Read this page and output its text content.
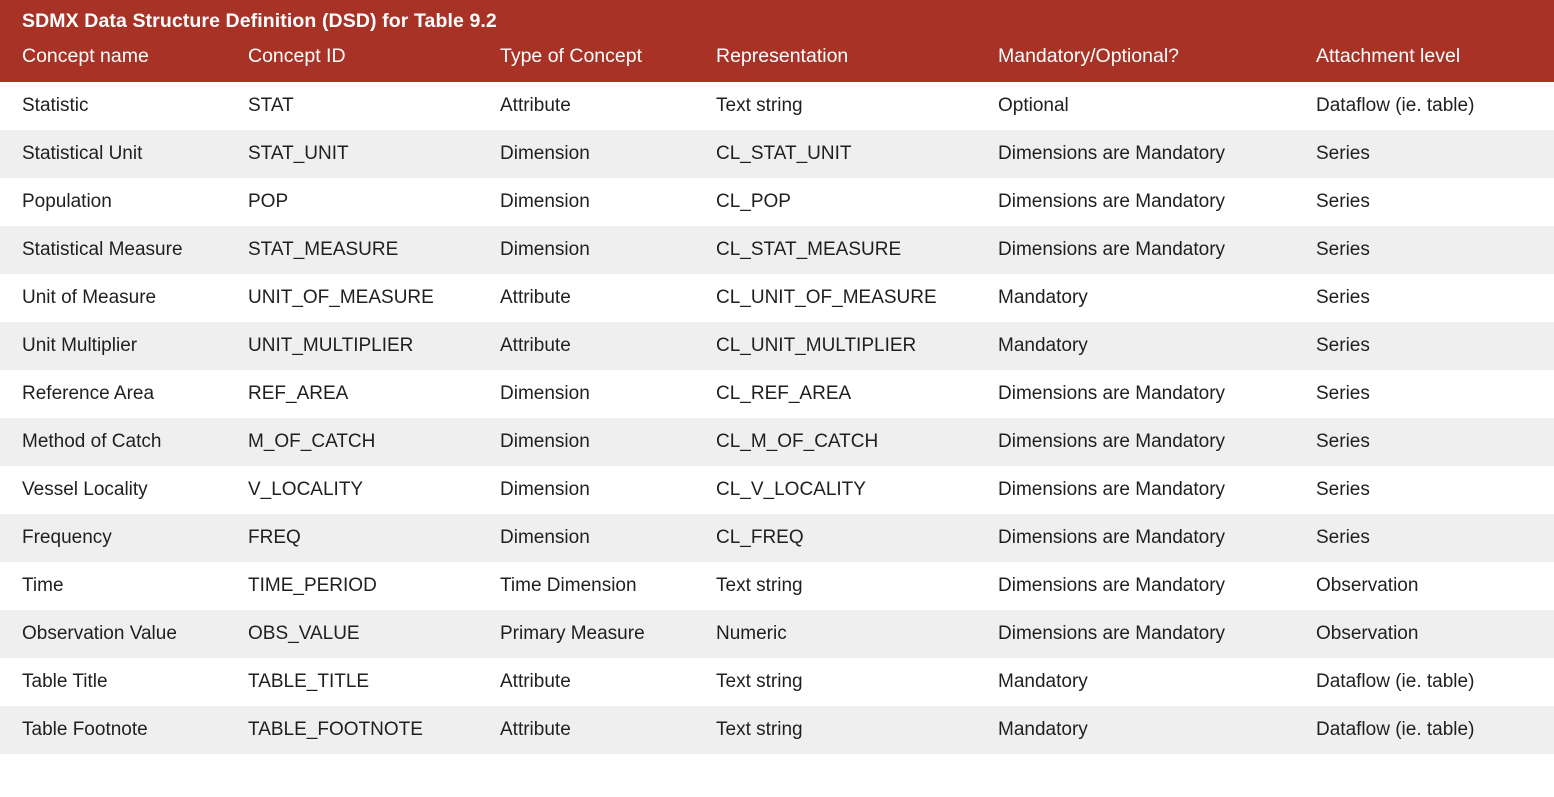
SDMX Data Structure Definition (DSD) for Table 9.2					
Concept name	Concept ID	Type of Concept	Representation	Mandatory/Optional?	Attachment level
Statistic	STAT	Attribute	Text string	Optional	Dataflow (ie. table)
Statistical Unit	STAT_UNIT	Dimension	CL_STAT_UNIT	Dimensions are Mandatory	Series
Population	POP	Dimension	CL_POP	Dimensions are Mandatory	Series
Statistical Measure	STAT_MEASURE	Dimension	CL_STAT_MEASURE	Dimensions are Mandatory	Series
Unit of Measure	UNIT_OF_MEASURE	Attribute	CL_UNIT_OF_MEASURE	Mandatory	Series
Unit Multiplier	UNIT_MULTIPLIER	Attribute	CL_UNIT_MULTIPLIER	Mandatory	Series
Reference Area	REF_AREA	Dimension	CL_REF_AREA	Dimensions are Mandatory	Series
Method of Catch	M_OF_CATCH	Dimension	CL_M_OF_CATCH	Dimensions are Mandatory	Series
Vessel Locality	V_LOCALITY	Dimension	CL_V_LOCALITY	Dimensions are Mandatory	Series
Frequency	FREQ	Dimension	CL_FREQ	Dimensions are Mandatory	Series
Time	TIME_PERIOD	Time Dimension	Text string	Dimensions are Mandatory	Observation
Observation Value	OBS_VALUE	Primary Measure	Numeric	Dimensions are Mandatory	Observation
Table Title	TABLE_TITLE	Attribute	Text string	Mandatory	Dataflow (ie. table)
Table Footnote	TABLE_FOOTNOTE	Attribute	Text string	Mandatory	Dataflow (ie. table)
